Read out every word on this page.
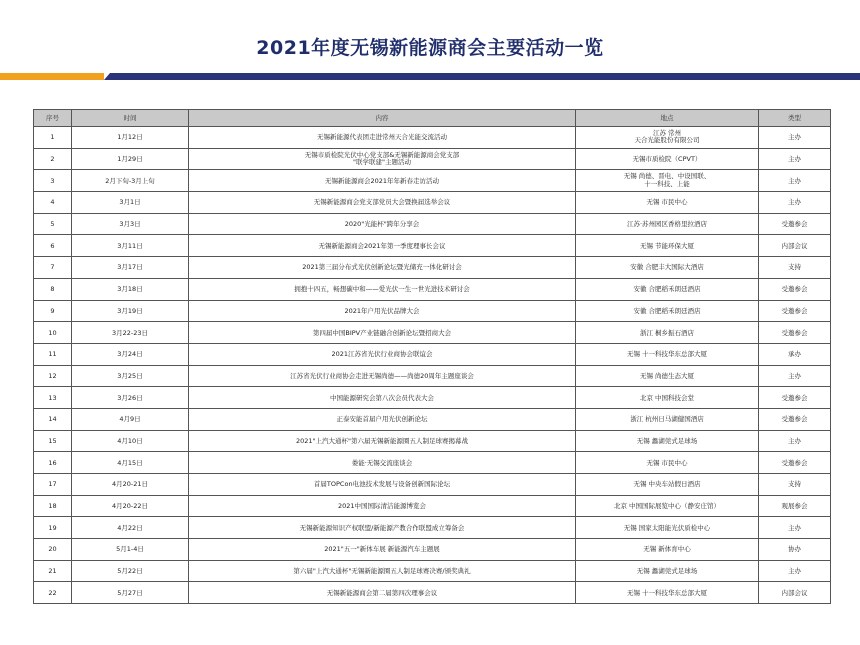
2021年度无锡新能源商会主要活动一览
序号	时间	内容	地点	类型
1	1月12日	无锡新能源代表团走进常州天合光能交流活动	江苏 常州
天合光能股份有限公司	主办
2	1月29日	无锡市质检院光伏中心党支部&无锡新能源商会党支部
"联学联建"主题活动	无锡市质检院（CPVT）	主办
3	2月下旬-3月上旬	无锡新能源商会2021年年新春走访活动	无锡 尚德、晋电、中设国联、
十一科技、上能	主办
4	3月1日	无锡新能源商会党支部党员大会暨换届选举会议	无锡 市民中心	主办
5	3月3日	2020"光能杯"跨年分享会	江苏·苏州园区香格里拉酒店	受邀参会
6	3月11日	无锡新能源商会2021年第一季度理事长会议	无锡 节能环保大厦	内部会议
7	3月17日	2021第三届分布式光伏创新论坛暨光储充一体化研讨会	安徽 合肥丰大国际大酒店	支持
8	3月18日	拥抱十四五，畅想碳中和——爱光伏一生一世光进技术研讨会	安徽 合肥稻禾朗廷酒店	受邀参会
9	3月19日	2021年户用光伏品牌大会	安徽 合肥稻禾朗廷酒店	受邀参会
10	3月22-23日	第四届中国BIPV产业链融合创新论坛暨招商大会	浙江 桐乡振石酒店	受邀参会
11	3月24日	2021江苏省光伏行业商协会联谊会	无锡 十一科技华东总部大厦	承办
12	3月25日	江苏省光伏行业商协会走进无锡尚德——尚德20周年主题座谈会	无锡 尚德生态大厦	主办
13	3月26日	中国能源研究会第八次会员代表大会	北京 中国科技会堂	受邀参会
14	4月9日	正泰安能首届户用光伏创新论坛	浙江 杭州日马湖健国酒店	受邀参会
15	4月10日	2021"上汽大通杯"第六届无锡新能源圈五人制足球赛揭幕战	无锡 蠡湖莞式足球场	主办
16	4月15日	娄能·无锡交流座谈会	无锡 市民中心	受邀参会
17	4月20-21日	首届TOPCon电池技术发展与设备创新国际论坛	无锡 中央车站假日酒店	支持
18	4月20-22日	2021中国国际清洁能源博览会	北京 中国国际展览中心（静安庄馆）	观展参会
19	4月22日	无锡新能源知识产权联盟/新能源产教合作联盟成立筹备会	无锡 国家太阳能光伏质检中心	主办
20	5月1-4日	2021"五一"新体车展 新能源汽车主题展	无锡 新体育中心	协办
21	5月22日	第六届"上汽大通杯"无锡新能源圈五人制足球赛决赛/颁奖典礼	无锡 蠡湖莞式足球场	主办
22	5月27日	无锡新能源商会第二届第四次理事会议	无锡 十一科技华东总部大厦	内部会议
